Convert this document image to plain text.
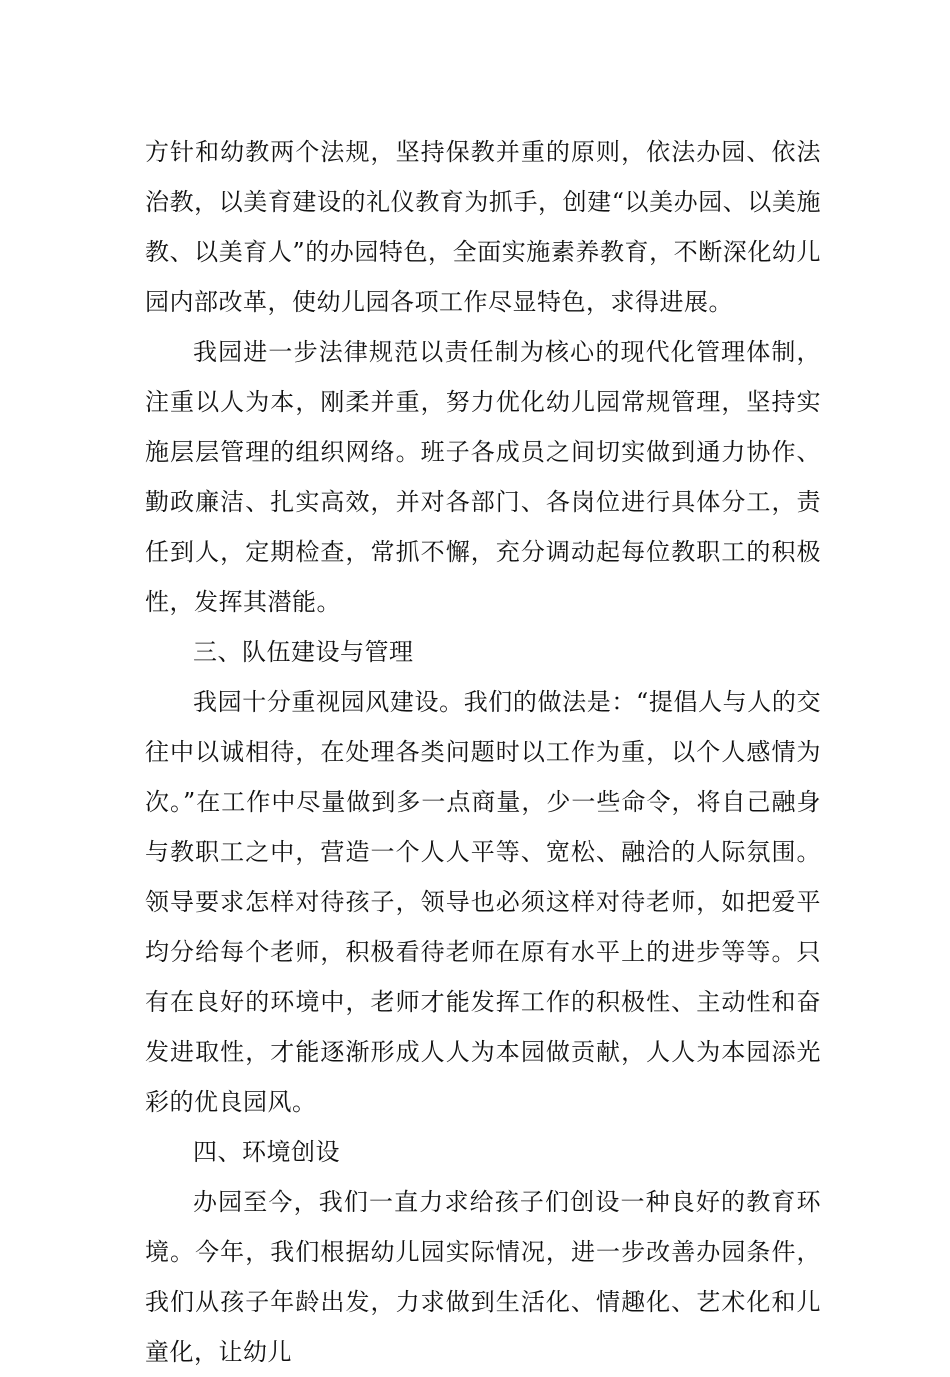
方针和幼教两个法规，坚持保教并重的原则，依法办园、依法治教，以美育建设的礼仪教育为抓手，创建“以美办园、以美施教、以美育人”的办园特色，全面实施素养教育，不断深化幼儿园内部改革，使幼儿园各项工作尽显特色，求得进展。

我园进一步法律规范以责任制为核心的现代化管理体制，注重以人为本，刚柔并重，努力优化幼儿园常规管理，坚持实施层层管理的组织网络。班子各成员之间切实做到通力协作、勤政廉洁、扎实高效，并对各部门、各岗位进行具体分工，责任到人，定期检查，常抓不懈，充分调动起每位教职工的积极性，发挥其潜能。

三、队伍建设与管理

我园十分重视园风建设。我们的做法是：“提倡人与人的交往中以诚相待，在处理各类问题时以工作为重，以个人感情为次。”在工作中尽量做到多一点商量，少一些命令，将自己融身与教职工之中，营造一个人人平等、宽松、融洽的人际氛围。领导要求怎样对待孩子，领导也必须这样对待老师，如把爱平均分给每个老师，积极看待老师在原有水平上的进步等等。只有在良好的环境中，老师才能发挥工作的积极性、主动性和奋发进取性，才能逐渐形成人人为本园做贡献，人人为本园添光彩的优良园风。

四、环境创设

办园至今，我们一直力求给孩子们创设一种良好的教育环境。今年，我们根据幼儿园实际情况，进一步改善办园条件，我们从孩子年龄出发，力求做到生活化、情趣化、艺术化和儿童化，让幼儿
